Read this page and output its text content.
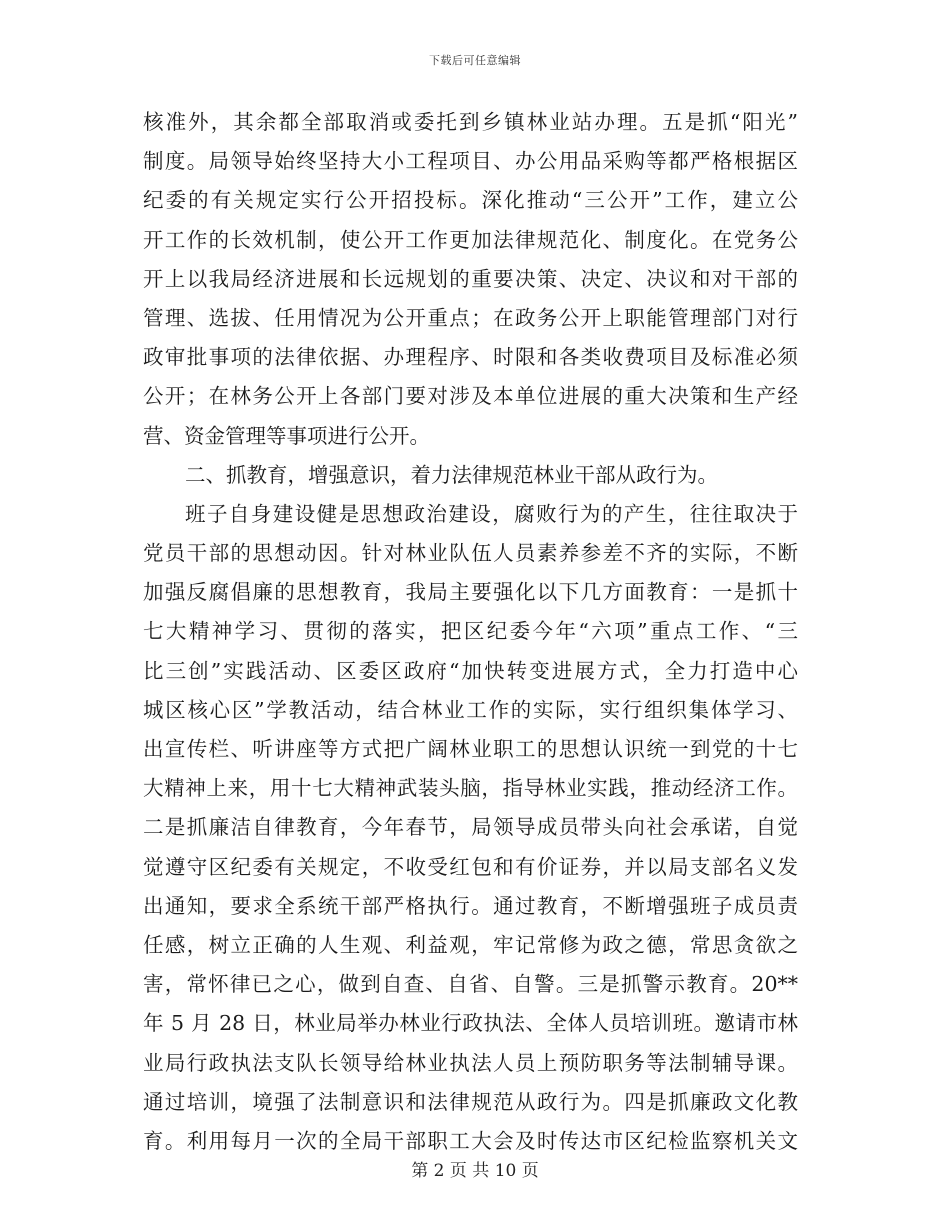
下载后可任意编辑
核准外，其余都全部取消或委托到乡镇林业站办理。五是抓“阳光”
制度。局领导始终坚持大小工程项目、办公用品采购等都严格根据区
纪委的有关规定实行公开招投标。深化推动“三公开”工作，建立公
开工作的长效机制，使公开工作更加法律规范化、制度化。在党务公
开上以我局经济进展和长远规划的重要决策、决定、决议和对干部的
管理、选拔、任用情况为公开重点；在政务公开上职能管理部门对行
政审批事项的法律依据、办理程序、时限和各类收费项目及标准必须
公开；在林务公开上各部门要对涉及本单位进展的重大决策和生产经
营、资金管理等事项进行公开。
二、抓教育，增强意识，着力法律规范林业干部从政行为。
班子自身建设健是思想政治建设，腐败行为的产生，往往取决于
党员干部的思想动因。针对林业队伍人员素养参差不齐的实际，不断
加强反腐倡廉的思想教育，我局主要强化以下几方面教育：一是抓十
七大精神学习、贯彻的落实，把区纪委今年“六项”重点工作、“三
比三创”实践活动、区委区政府“加快转变进展方式，全力打造中心
城区核心区”学教活动，结合林业工作的实际，实行组织集体学习、
出宣传栏、听讲座等方式把广阔林业职工的思想认识统一到党的十七
大精神上来，用十七大精神武装头脑，指导林业实践，推动经济工作。
二是抓廉洁自律教育，今年春节，局领导成员带头向社会承诺，自觉
觉遵守区纪委有关规定，不收受红包和有价证券，并以局支部名义发
出通知，要求全系统干部严格执行。通过教育，不断增强班子成员责
任感，树立正确的人生观、利益观，牢记常修为政之德，常思贪欲之
害，常怀律已之心，做到自查、自省、自警。三是抓警示教育。20**
年 5 月 28 日，林业局举办林业行政执法、全体人员培训班。邀请市林
业局行政执法支队长领导给林业执法人员上预防职务等法制辅导课。
通过培训，境强了法制意识和法律规范从政行为。四是抓廉政文化教
育。利用每月一次的全局干部职工大会及时传达市区纪检监察机关文
第 2 页 共 10 页
